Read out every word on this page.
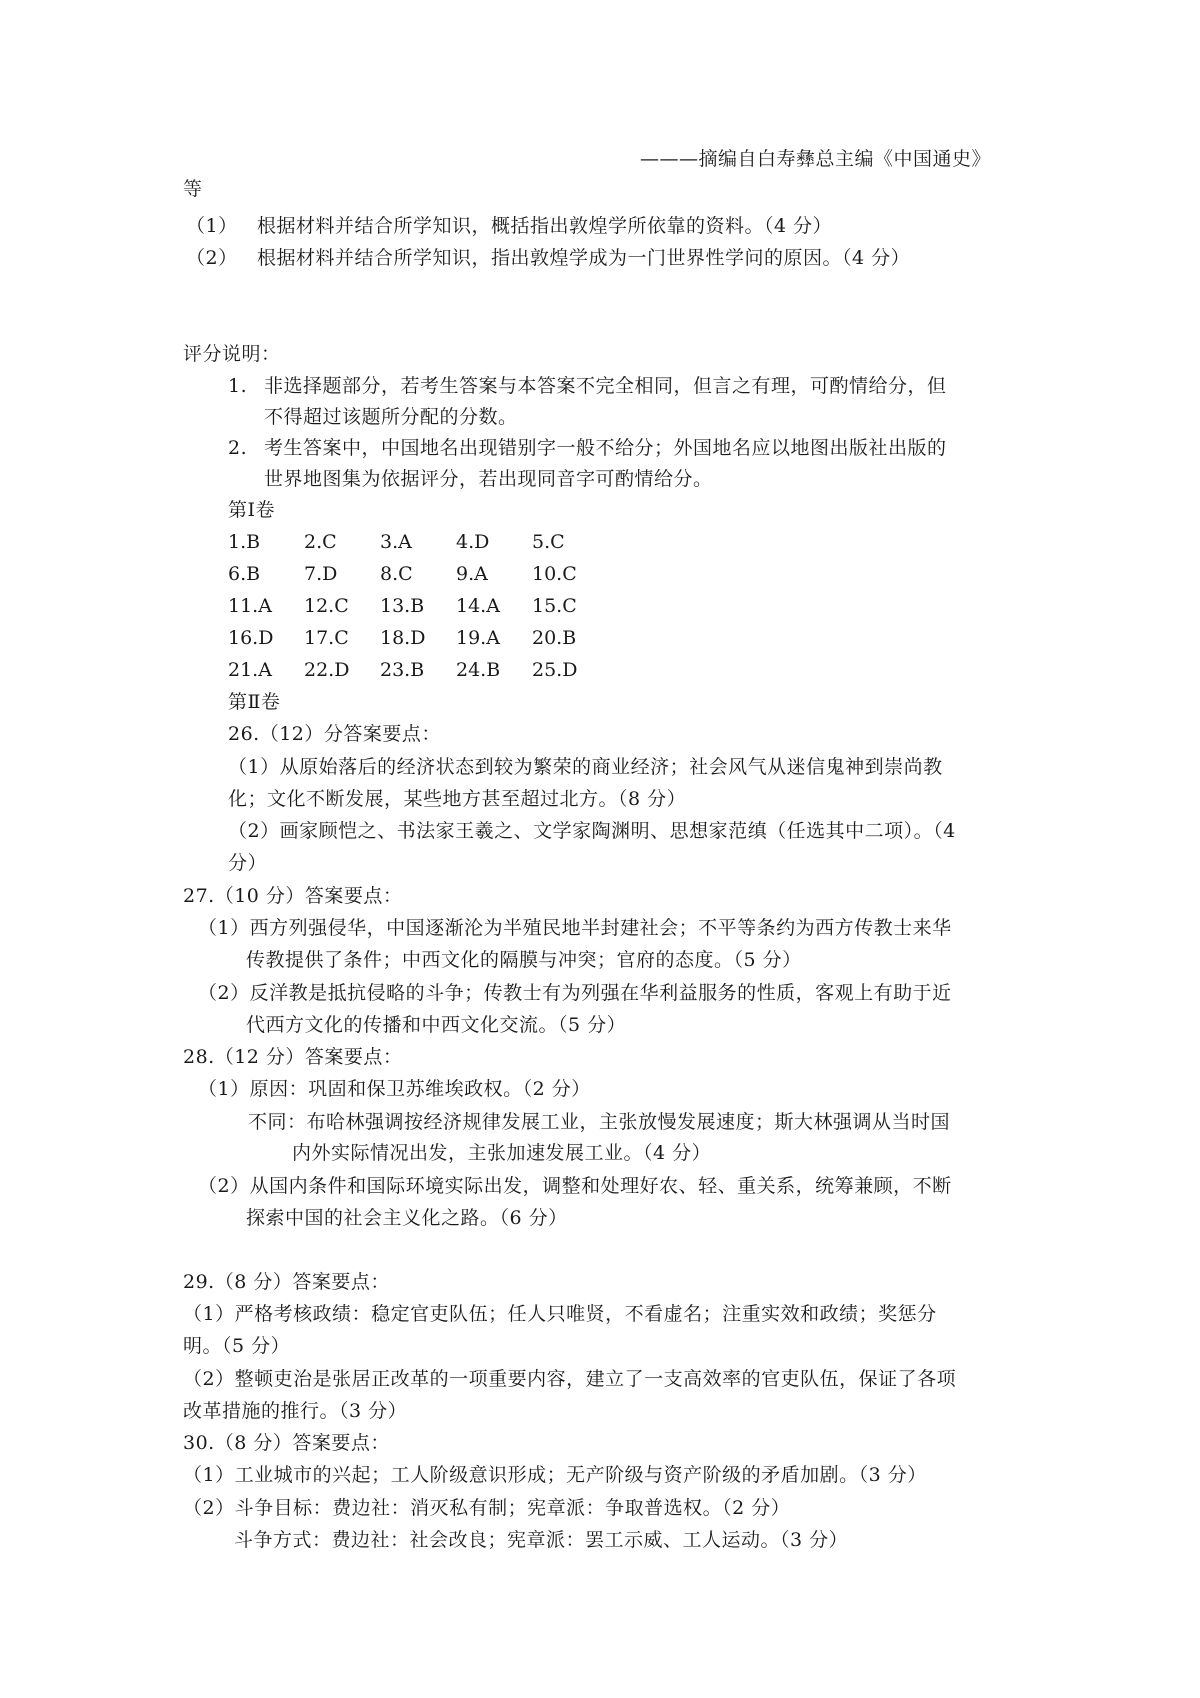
———摘编自白寿彝总主编《中国通史》
等
（1） 根据材料并结合所学知识，概括指出敦煌学所依靠的资料。（4 分）
（2） 根据材料并结合所学知识，指出敦煌学成为一门世界性学问的原因。（4 分）
评分说明：
1. 非选择题部分，若考生答案与本答案不完全相同，但言之有理，可酌情给分，但
不得超过该题所分配的分数。
2. 考生答案中，中国地名出现错别字一般不给分；外国地名应以地图出版社出版的
世界地图集为依据评分，若出现同音字可酌情给分。
第Ⅰ卷
1.B 2.C 3.A 4.D 5.C
6.B 7.D 8.C 9.A 10.C
11.A 12.C 13.B 14.A 15.C
16.D 17.C 18.D 19.A 20.B
21.A 22.D 23.B 24.B 25.D
第Ⅱ卷
26.（12）分答案要点：
（1）从原始落后的经济状态到较为繁荣的商业经济；社会风气从迷信鬼神到崇尚教
化；文化不断发展，某些地方甚至超过北方。（8 分）
（2）画家顾恺之、书法家王羲之、文学家陶渊明、思想家范缜（任选其中二项）。（4
分）
27.（10 分）答案要点：
（1）西方列强侵华，中国逐渐沦为半殖民地半封建社会；不平等条约为西方传教士来华
传教提供了条件；中西文化的隔膜与冲突；官府的态度。（5 分）
（2）反洋教是抵抗侵略的斗争；传教士有为列强在华利益服务的性质，客观上有助于近
代西方文化的传播和中西文化交流。（5 分）
28.（12 分）答案要点：
（1）原因：巩固和保卫苏维埃政权。（2 分）
不同：布哈林强调按经济规律发展工业，主张放慢发展速度；斯大林强调从当时国
内外实际情况出发，主张加速发展工业。（4 分）
（2）从国内条件和国际环境实际出发，调整和处理好农、轻、重关系，统筹兼顾，不断
探索中国的社会主义化之路。（6 分）
29.（8 分）答案要点：
（1）严格考核政绩：稳定官吏队伍；任人只唯贤，不看虚名；注重实效和政绩；奖惩分
明。（5 分）
（2）整顿吏治是张居正改革的一项重要内容，建立了一支高效率的官吏队伍，保证了各项
改革措施的推行。（3 分）
30.（8 分）答案要点：
（1）工业城市的兴起；工人阶级意识形成；无产阶级与资产阶级的矛盾加剧。（3 分）
（2）斗争目标：费边社：消灭私有制；宪章派：争取普选权。（2 分）
斗争方式：费边社：社会改良；宪章派：罢工示威、工人运动。（3 分）
